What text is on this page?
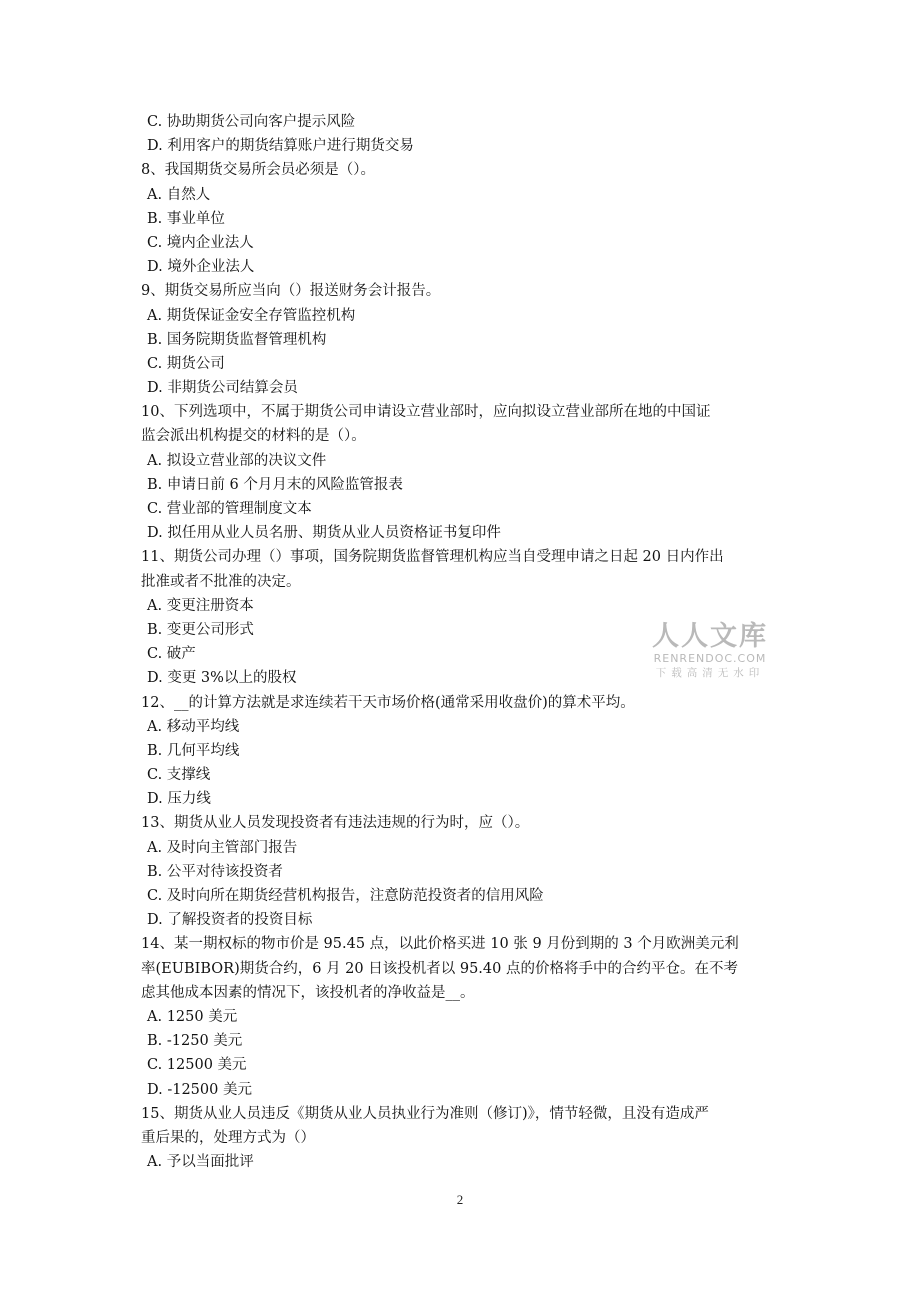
C. 协助期货公司向客户提示风险
D. 利用客户的期货结算账户进行期货交易
8、我国期货交易所会员必须是（）。
A. 自然人
B. 事业单位
C. 境内企业法人
D. 境外企业法人
9、期货交易所应当向（）报送财务会计报告。
A. 期货保证金安全存管监控机构
B. 国务院期货监督管理机构
C. 期货公司
D. 非期货公司结算会员
10、下列选项中，不属于期货公司申请设立营业部时，应向拟设立营业部所在地的中国证
监会派出机构提交的材料的是（）。
A. 拟设立营业部的决议文件
B. 申请日前 6 个月月末的风险监管报表
C. 营业部的管理制度文本
D. 拟任用从业人员名册、期货从业人员资格证书复印件
11、期货公司办理（）事项，国务院期货监督管理机构应当自受理申请之日起 20 日内作出
批准或者不批准的决定。
A. 变更注册资本
B. 变更公司形式
C. 破产
D. 变更 3%以上的股权
12、__的计算方法就是求连续若干天市场价格(通常采用收盘价)的算术平均。
A. 移动平均线
B. 几何平均线
C. 支撑线
D. 压力线
13、期货从业人员发现投资者有违法违规的行为时，应（）。
A. 及时向主管部门报告
B. 公平对待该投资者
C. 及时向所在期货经营机构报告，注意防范投资者的信用风险
D. 了解投资者的投资目标
14、某一期权标的物市价是 95.45 点，以此价格买进 10 张 9 月份到期的 3 个月欧洲美元利
率(EUBIBOR)期货合约，6 月 20 日该投机者以 95.40 点的价格将手中的合约平仓。在不考
虑其他成本因素的情况下，该投机者的净收益是__。
A. 1250 美元
B. -1250 美元
C. 12500 美元
D. -12500 美元
15、期货从业人员违反《期货从业人员执业行为准则（修订)》，情节轻微，且没有造成严
重后果的，处理方式为（）
A. 予以当面批评
人人文库
RENRENDOC.COM
下载高清无水印
2
